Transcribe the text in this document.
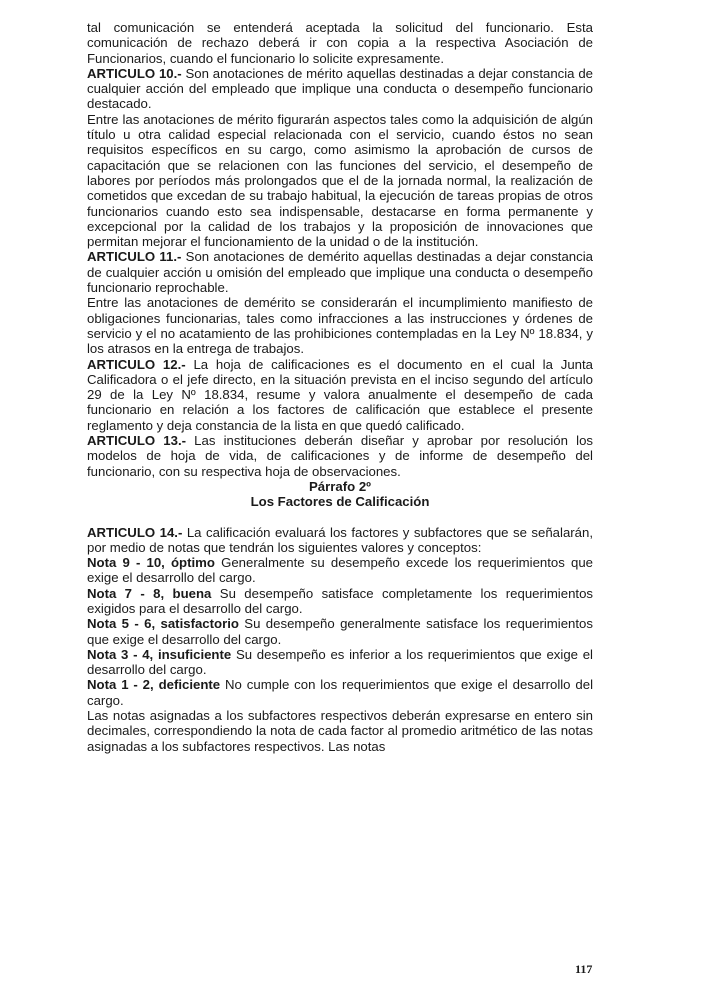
tal comunicación se entenderá aceptada la solicitud del funcionario. Esta comunicación de rechazo deberá ir con copia a la respectiva Asociación de Funcionarios, cuando el funcionario lo solicite expresamente.

ARTICULO 10.- Son anotaciones de mérito aquellas destinadas a dejar constancia de cualquier acción del empleado que implique una conducta o desempeño funcionario destacado.

Entre las anotaciones de mérito figurarán aspectos tales como la adquisición de algún título u otra calidad especial relacionada con el servicio, cuando éstos no sean requisitos específicos en su cargo, como asimismo la aprobación de cursos de capacitación que se relacionen con las funciones del servicio, el desempeño de labores por períodos más prolongados que el de la jornada normal, la realización de cometidos que excedan de su trabajo habitual, la ejecución de tareas propias de otros funcionarios cuando esto sea indispensable, destacarse en forma permanente y excepcional por la calidad de los trabajos y la proposición de innovaciones que permitan mejorar el funcionamiento de la unidad o de la institución.

ARTICULO 11.- Son anotaciones de demérito aquellas destinadas a dejar constancia de cualquier acción u omisión del empleado que implique una conducta o desempeño funcionario reprochable.

Entre las anotaciones de demérito se considerarán el incumplimiento manifiesto de obligaciones funcionarias, tales como infracciones a las instrucciones y órdenes de servicio y el no acatamiento de las prohibiciones contempladas en la Ley Nº 18.834, y los atrasos en la entrega de trabajos.

ARTICULO 12.- La hoja de calificaciones es el documento en el cual la Junta Calificadora o el jefe directo, en la situación prevista en el inciso segundo del artículo 29 de la Ley Nº 18.834, resume y valora anualmente el desempeño de cada funcionario en relación a los factores de calificación que establece el presente reglamento y deja constancia de la lista en que quedó calificado.

ARTICULO 13.- Las instituciones deberán diseñar y aprobar por resolución los modelos de hoja de vida, de calificaciones y de informe de desempeño del funcionario, con su respectiva hoja de observaciones.

Párrafo 2º

Los Factores de Calificación

ARTICULO 14.- La calificación evaluará los factores y subfactores que se señalarán, por medio de notas que tendrán los siguientes valores y conceptos:

Nota 9 - 10, óptimo Generalmente su desempeño excede los requerimientos que exige el desarrollo del cargo.

Nota 7 - 8, buena Su desempeño satisface completamente los requerimientos exigidos para el desarrollo del cargo.

Nota 5 - 6, satisfactorio Su desempeño generalmente satisface los requerimientos que exige el desarrollo del cargo.

Nota 3 - 4, insuficiente Su desempeño es inferior a los requerimientos que exige el desarrollo del cargo.

Nota 1 - 2, deficiente No cumple con los requerimientos que exige el desarrollo del cargo.

Las notas asignadas a los subfactores respectivos deberán expresarse en entero sin decimales, correspondiendo la nota de cada factor al promedio aritmético de las notas asignadas a los subfactores respectivos. Las notas

117
